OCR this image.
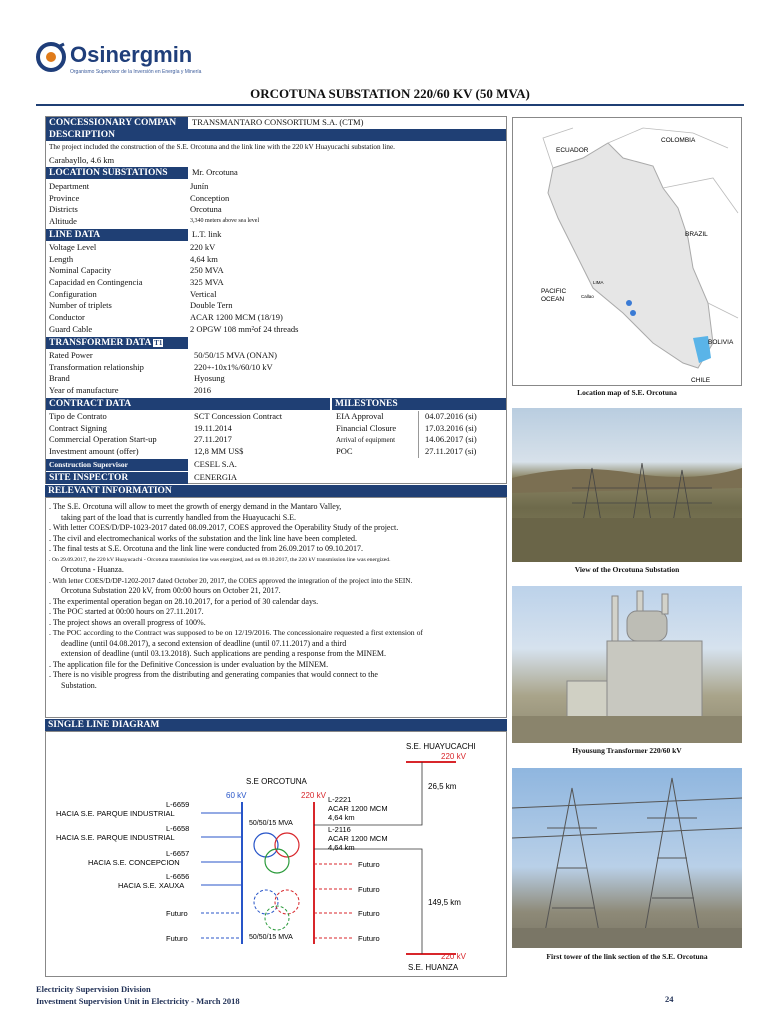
Osinergmin
Organismo Supervisor de la Inversión en Energía y Minería
ORCOTUNA SUBSTATION 220/60 KV (50 MVA)
CONCESSIONARY COMPAN	TRANSMANTARO CONSORTIUM S.A. (CTM)
DESCRIPTION
The project included the construction of the S.E. Orcotuna and the link line with the 220 kV Huayucachi substation line.
Carabayllo, 4.6 km
LOCATION SUBSTATIONS	Mr. Orcotuna
Department	Junín
Province	Conception
Districts	Orcotuna
Altitude	3,340 meters above sea level
LINE DATA	L.T. link
Voltage Level	220 kV
Length	4,64 km
Nominal Capacity	250 MVA
Capacidad en Contingencia	325 MVA
Configuration	Vertical
Number of triplets	Double Tern
Conductor	ACAR 1200 MCM (18/19)
Guard Cable	2 OPGW 108 mm²of 24 threads
TRANSFORMER DATA T1
Rated Power	50/50/15 MVA (ONAN)
Transformation relationship	220+-10x1%/60/10 kV
Brand	Hyosung
Year of manufacture	2016
CONTRACT DATA	MILESTONES
Tipo de Contrato	SCT Concession Contract
Contract Signing	19.11.2014
Commercial Operation Start-up	27.11.2017
Investment amount (offer)	12,8 MM US$
EIA Approval	04.07.2016 (si)
Financial Closure	17.03.2016 (si)
Arrival of equipment	14.06.2017 (si)
POC	27.11.2017 (si)
Construction Supervisor	CESEL S.A.
SITE INSPECTOR	CENERGIA
RELEVANT INFORMATION

. The S.E. Orcotuna will allow to meet the growth of energy demand in the Mantaro Valley,

taking part of the load that is currently handled from the Huayucachi S.E.

. With letter COES/D/DP-1023-2017 dated 08.09.2017, COES approved the Operability Study of the project.

. The civil and electromechanical works of the substation and the link line have been completed.

. The final tests at S.E. Orcotuna and the link line were conducted from 26.09.2017 to 09.10.2017.

. On 29.09.2017, the 220 kV Huayucachi - Orcotuna transmission line was energized, and on 09.10.2017, the 220 kV transmission line was energized.

Orcotuna - Huanza.

. With letter COES/D/DP-1202-2017 dated October 20, 2017, the COES approved the integration of the project into the SEIN.

Orcotuna Substation 220 kV, from 00:00 hours on October 21, 2017.

. The experimental operation began on 28.10.2017, for a period of 30 calendar days.

. The POC started at 00:00 hours on 27.11.2017.

. The project shows an overall progress of 100%.

. The POC according to the Contract was supposed to be on 12/19/2016. The concessionaire requested a first extension of

deadline (until 04.08.2017), a second extension of deadline (until 07.11.2017) and a third

extension of deadline (until 03.13.2018). Such applications are pending a response from the MINEM.

. The application file for the Definitive Concession is under evaluation by the MINEM.

. There is no visible progress from the distributing and generating companies that would connect to the

Substation.

SINGLE LINE DIAGRAM
S.E ORCOTUNA
60 kV	220 kV
S.E. HUAYUCACHI
220 kV
220 kV
S.E. HUANZA
26,5 km
149,5 km
50/50/15 MVA
50/50/15 MVA
L-6659
HACIA S.E. PARQUE INDUSTRIAL
L-6658
HACIA S.E. PARQUE INDUSTRIAL
L-6657
HACIA S.E. CONCEPCION
L-6656
HACIA S.E. XAUXA
Futuro
Futuro
L-2221
ACAR 1200 MCM
4,64 km
L-2116
ACAR 1200 MCM
4,64 km
Futuro
Futuro
Futuro
Futuro
COLOMBIA
ECUADOR
BRAZIL
PACIFIC
OCEAN
LIMA
Callao
BOLIVIA
CHILE
Location map of S.E. Orcotuna
View of the Orcotuna Substation
Hyousung Transformer 220/60 kV
First tower of the link section of the S.E. Orcotuna
Electricity Supervision Division
Investment Supervision Unit in Electricity - March 2018	24
